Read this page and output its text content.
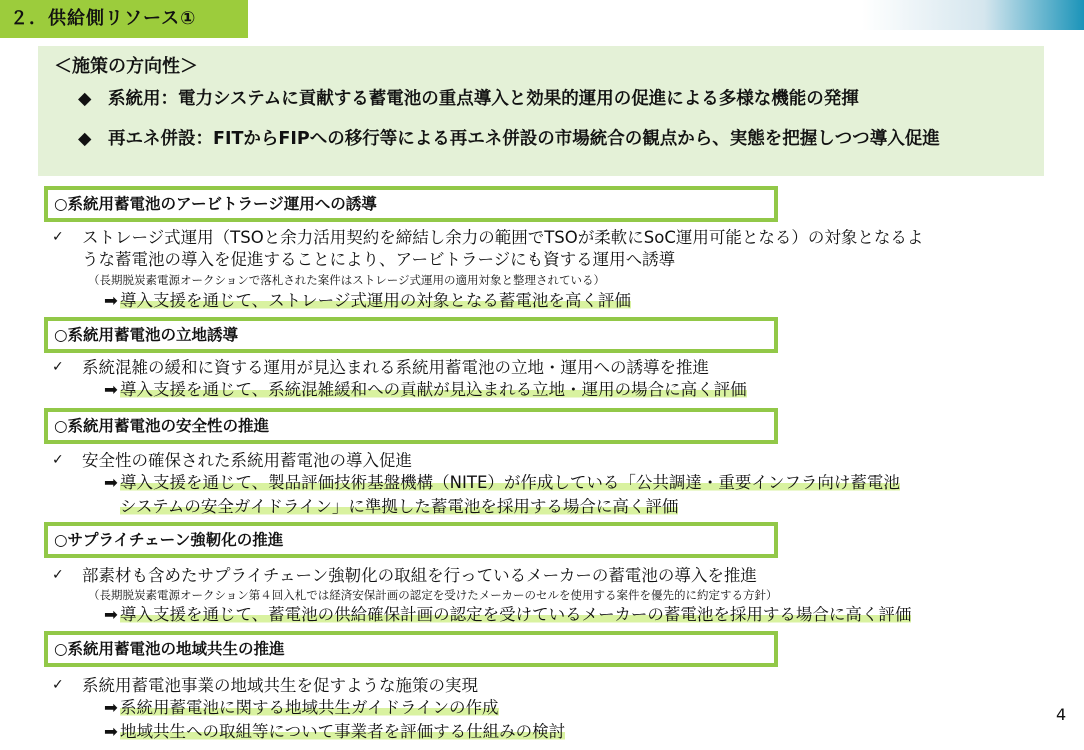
２．供給側リソース①
＜施策の方向性＞
◆ 系統用：電力システムに貢献する蓄電池の重点導入と効果的運用の促進による多様な機能の発揮
◆ 再エネ併設：FITからFIPへの移行等による再エネ併設の市場統合の観点から、実態を把握しつつ導入促進
○系統用蓄電池のアービトラージ運用への誘導
✓ ストレージ式運用（TSOと余力活用契約を締結し余力の範囲でTSOが柔軟にSoC運用可能となる）の対象となるよ
うな蓄電池の導入を促進することにより、アービトラージにも資する運用へ誘導
（長期脱炭素電源オークションで落札された案件はストレージ式運用の適用対象と整理されている）
➡ 導入支援を通じて、ストレージ式運用の対象となる蓄電池を高く評価
○系統用蓄電池の立地誘導
✓ 系統混雑の緩和に資する運用が見込まれる系統用蓄電池の立地・運用への誘導を推進
➡ 導入支援を通じて、系統混雑緩和への貢献が見込まれる立地・運用の場合に高く評価
○系統用蓄電池の安全性の推進
✓ 安全性の確保された系統用蓄電池の導入促進
➡ 導入支援を通じて、製品評価技術基盤機構（NITE）が作成している「公共調達・重要インフラ向け蓄電池
システムの安全ガイドライン」に準拠した蓄電池を採用する場合に高く評価
○サプライチェーン強靭化の推進
✓ 部素材も含めたサプライチェーン強靭化の取組を行っているメーカーの蓄電池の導入を推進
（長期脱炭素電源オークション第４回入札では経済安保計画の認定を受けたメーカーのセルを使用する案件を優先的に約定する方針）
➡ 導入支援を通じて、蓄電池の供給確保計画の認定を受けているメーカーの蓄電池を採用する場合に高く評価
○系統用蓄電池の地域共生の推進
✓ 系統用蓄電池事業の地域共生を促すような施策の実現
➡ 系統用蓄電池に関する地域共生ガイドラインの作成
➡ 地域共生への取組等について事業者を評価する仕組みの検討
4
